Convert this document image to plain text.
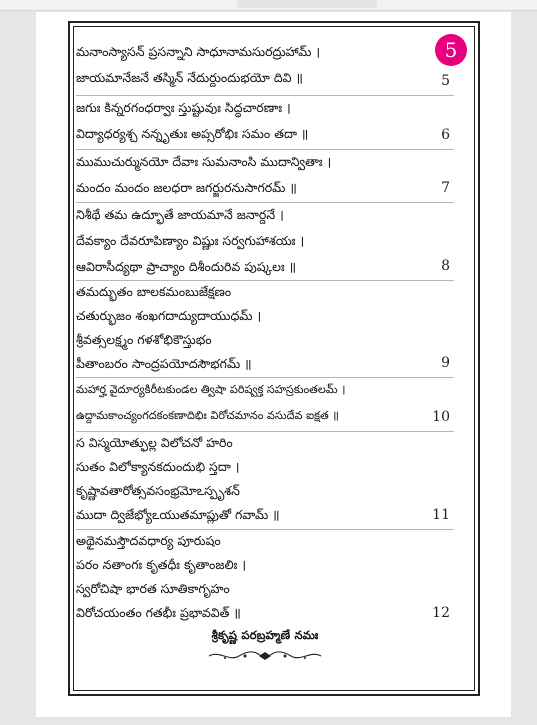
5
మనాంస్యాసన్ ప్రసన్నాని సాధూనామసురద్రుహామ్ ।
జాయమానేజనే తస్మిన్ నేదుర్దుందుభయో దివి ॥	5
జగుః కిన్నరగంధర్వాః స్తుష్టువుః సిద్ధచారణాః ।
విద్యాధర్యశ్చ నన్నృతుః అప్సరోభిః సమం తదా ॥	6
ముముచుర్మునయో దేవాః సుమనాంసి ముదాన్వితాః ।
మందం మందం జలధరా జగర్జురనుసాగరమ్ ॥	7
నిశీథే తమ ఉద్భూతే జాయమానే జనార్దనే ।
దేవక్యాం దేవరూపిణ్యాం విష్ణుః సర్వగుహాశయః ।
ఆవిరాసీద్యథా ప్రాచ్యాం దిశీందురివ పుష్కలః ॥	8
తమద్భుతం బాలకమంబుజేక్షణం
చతుర్భుజం శంఖగదాద్యుదాయుధమ్ ।
శ్రీవత్సలక్ష్మం గళశోభికౌస్తుభం
పీతాంబరం సాంద్రపయోదసౌభగమ్ ॥	9
మహార్హ వైదూర్యకిరీటకుండల త్విషా పరిష్వక్త సహస్రకుంతలమ్ ।
ఉద్దామకాంచ్యంగదకంకణాదిభిః విరోచమానం వసుదేవ ఐక్షత ॥	10
స విస్మయోత్ఫుల్ల విలోచనో హరిం
సుతం విలోక్యానకదుందుభి స్తదా ।
కృష్ణావతారోత్సవసంభ్రమోఽస్పృశన్
ముదా ద్విజేభ్యోఽయుతమాప్లుతో గవామ్ ॥	11
అథైనమస్తౌదవధార్య పూరుషం
పరం నతాంగః కృతధీః కృతాంజలిః ।
స్వరోచిషా భారత సూతికాగృహం
విరోచయంతం గతభీః ప్రభావవిత్ ॥	12
శ్రీకృష్ణ పరబ్రహ్మణే నమః
